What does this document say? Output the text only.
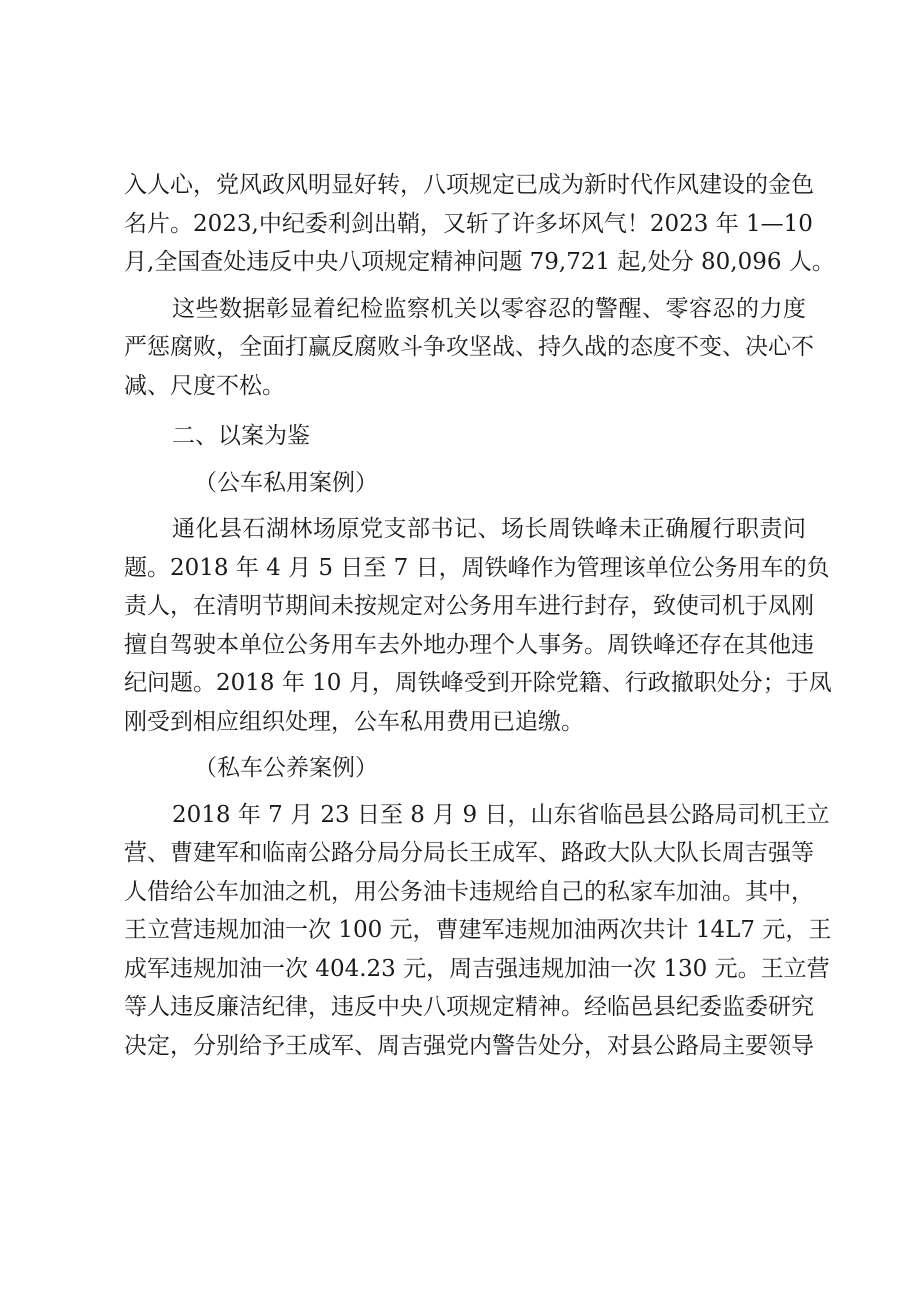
入人心，党风政风明显好转，八项规定已成为新时代作风建设的金色
名片。2023,中纪委利剑出鞘，又斩了许多坏风气！2023 年 1—10
月,全国查处违反中央八项规定精神问题 79,721 起,处分 80,096 人。
这些数据彰显着纪检监察机关以零容忍的警醒、零容忍的力度
严惩腐败，全面打赢反腐败斗争攻坚战、持久战的态度不变、决心不
减、尺度不松。
二、以案为鉴
（公车私用案例）
通化县石湖林场原党支部书记、场长周铁峰未正确履行职责问
题。2018 年 4 月 5 日至 7 日，周铁峰作为管理该单位公务用车的负
责人，在清明节期间未按规定对公务用车进行封存，致使司机于凤刚
擅自驾驶本单位公务用车去外地办理个人事务。周铁峰还存在其他违
纪问题。2018 年 10 月，周铁峰受到开除党籍、行政撤职处分；于凤
刚受到相应组织处理，公车私用费用已追缴。
（私车公养案例）
2018 年 7 月 23 日至 8 月 9 日，山东省临邑县公路局司机王立
营、曹建军和临南公路分局分局长王成军、路政大队大队长周吉强等
人借给公车加油之机，用公务油卡违规给自己的私家车加油。其中，
王立营违规加油一次 100 元，曹建军违规加油两次共计 14L7 元，王
成军违规加油一次 404.23 元，周吉强违规加油一次 130 元。王立营
等人违反廉洁纪律，违反中央八项规定精神。经临邑县纪委监委研究
决定，分别给予王成军、周吉强党内警告处分，对县公路局主要领导
